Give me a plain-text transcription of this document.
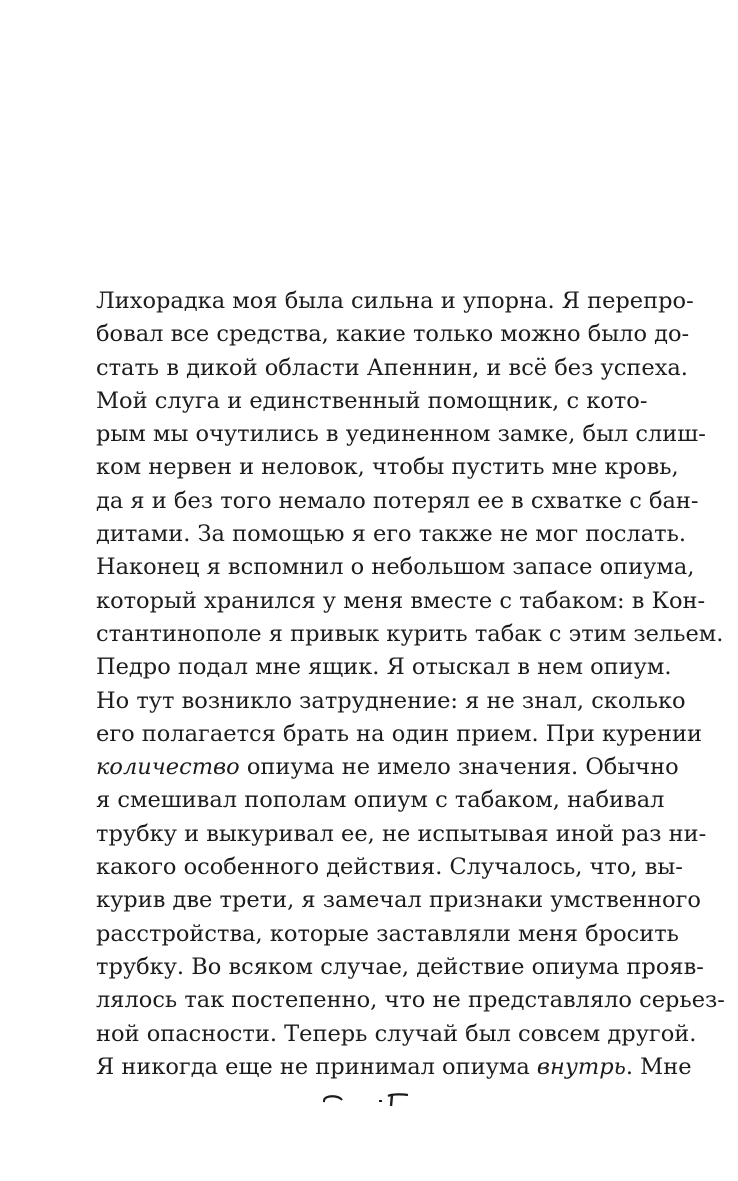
Лихорадка моя была сильна и упорна. Я перепро-
бовал все средства, какие только можно было до-
стать в дикой области Апеннин, и всё без успеха.
Мой слуга и единственный помощник, с кото-
рым мы очутились в уединенном замке, был слиш-
ком нервен и неловок, чтобы пустить мне кровь,
да я и без того немало потерял ее в схватке с бан-
дитами. За помощью я его также не мог послать.
Наконец я вспомнил о небольшом запасе опиума,
который хранился у меня вместе с табаком: в Кон-
стантинополе я привык курить табак с этим зельем.
Педро подал мне ящик. Я отыскал в нем опиум.
Но тут возникло затруднение: я не знал, сколько
его полагается брать на один прием. При курении
количество опиума не имело значения. Обычно
я смешивал пополам опиум с табаком, набивал
трубку и выкуривал ее, не испытывая иной раз ни-
какого особенного действия. Случалось, что, вы-
курив две трети, я замечал признаки умственного
расстройства, которые заставляли меня бросить
трубку. Во всяком случае, действие опиума прояв-
лялось так постепенно, что не представляло серьез-
ной опасности. Теперь случай был совсем другой.
Я никогда еще не принимал опиума внутрь. Мне
